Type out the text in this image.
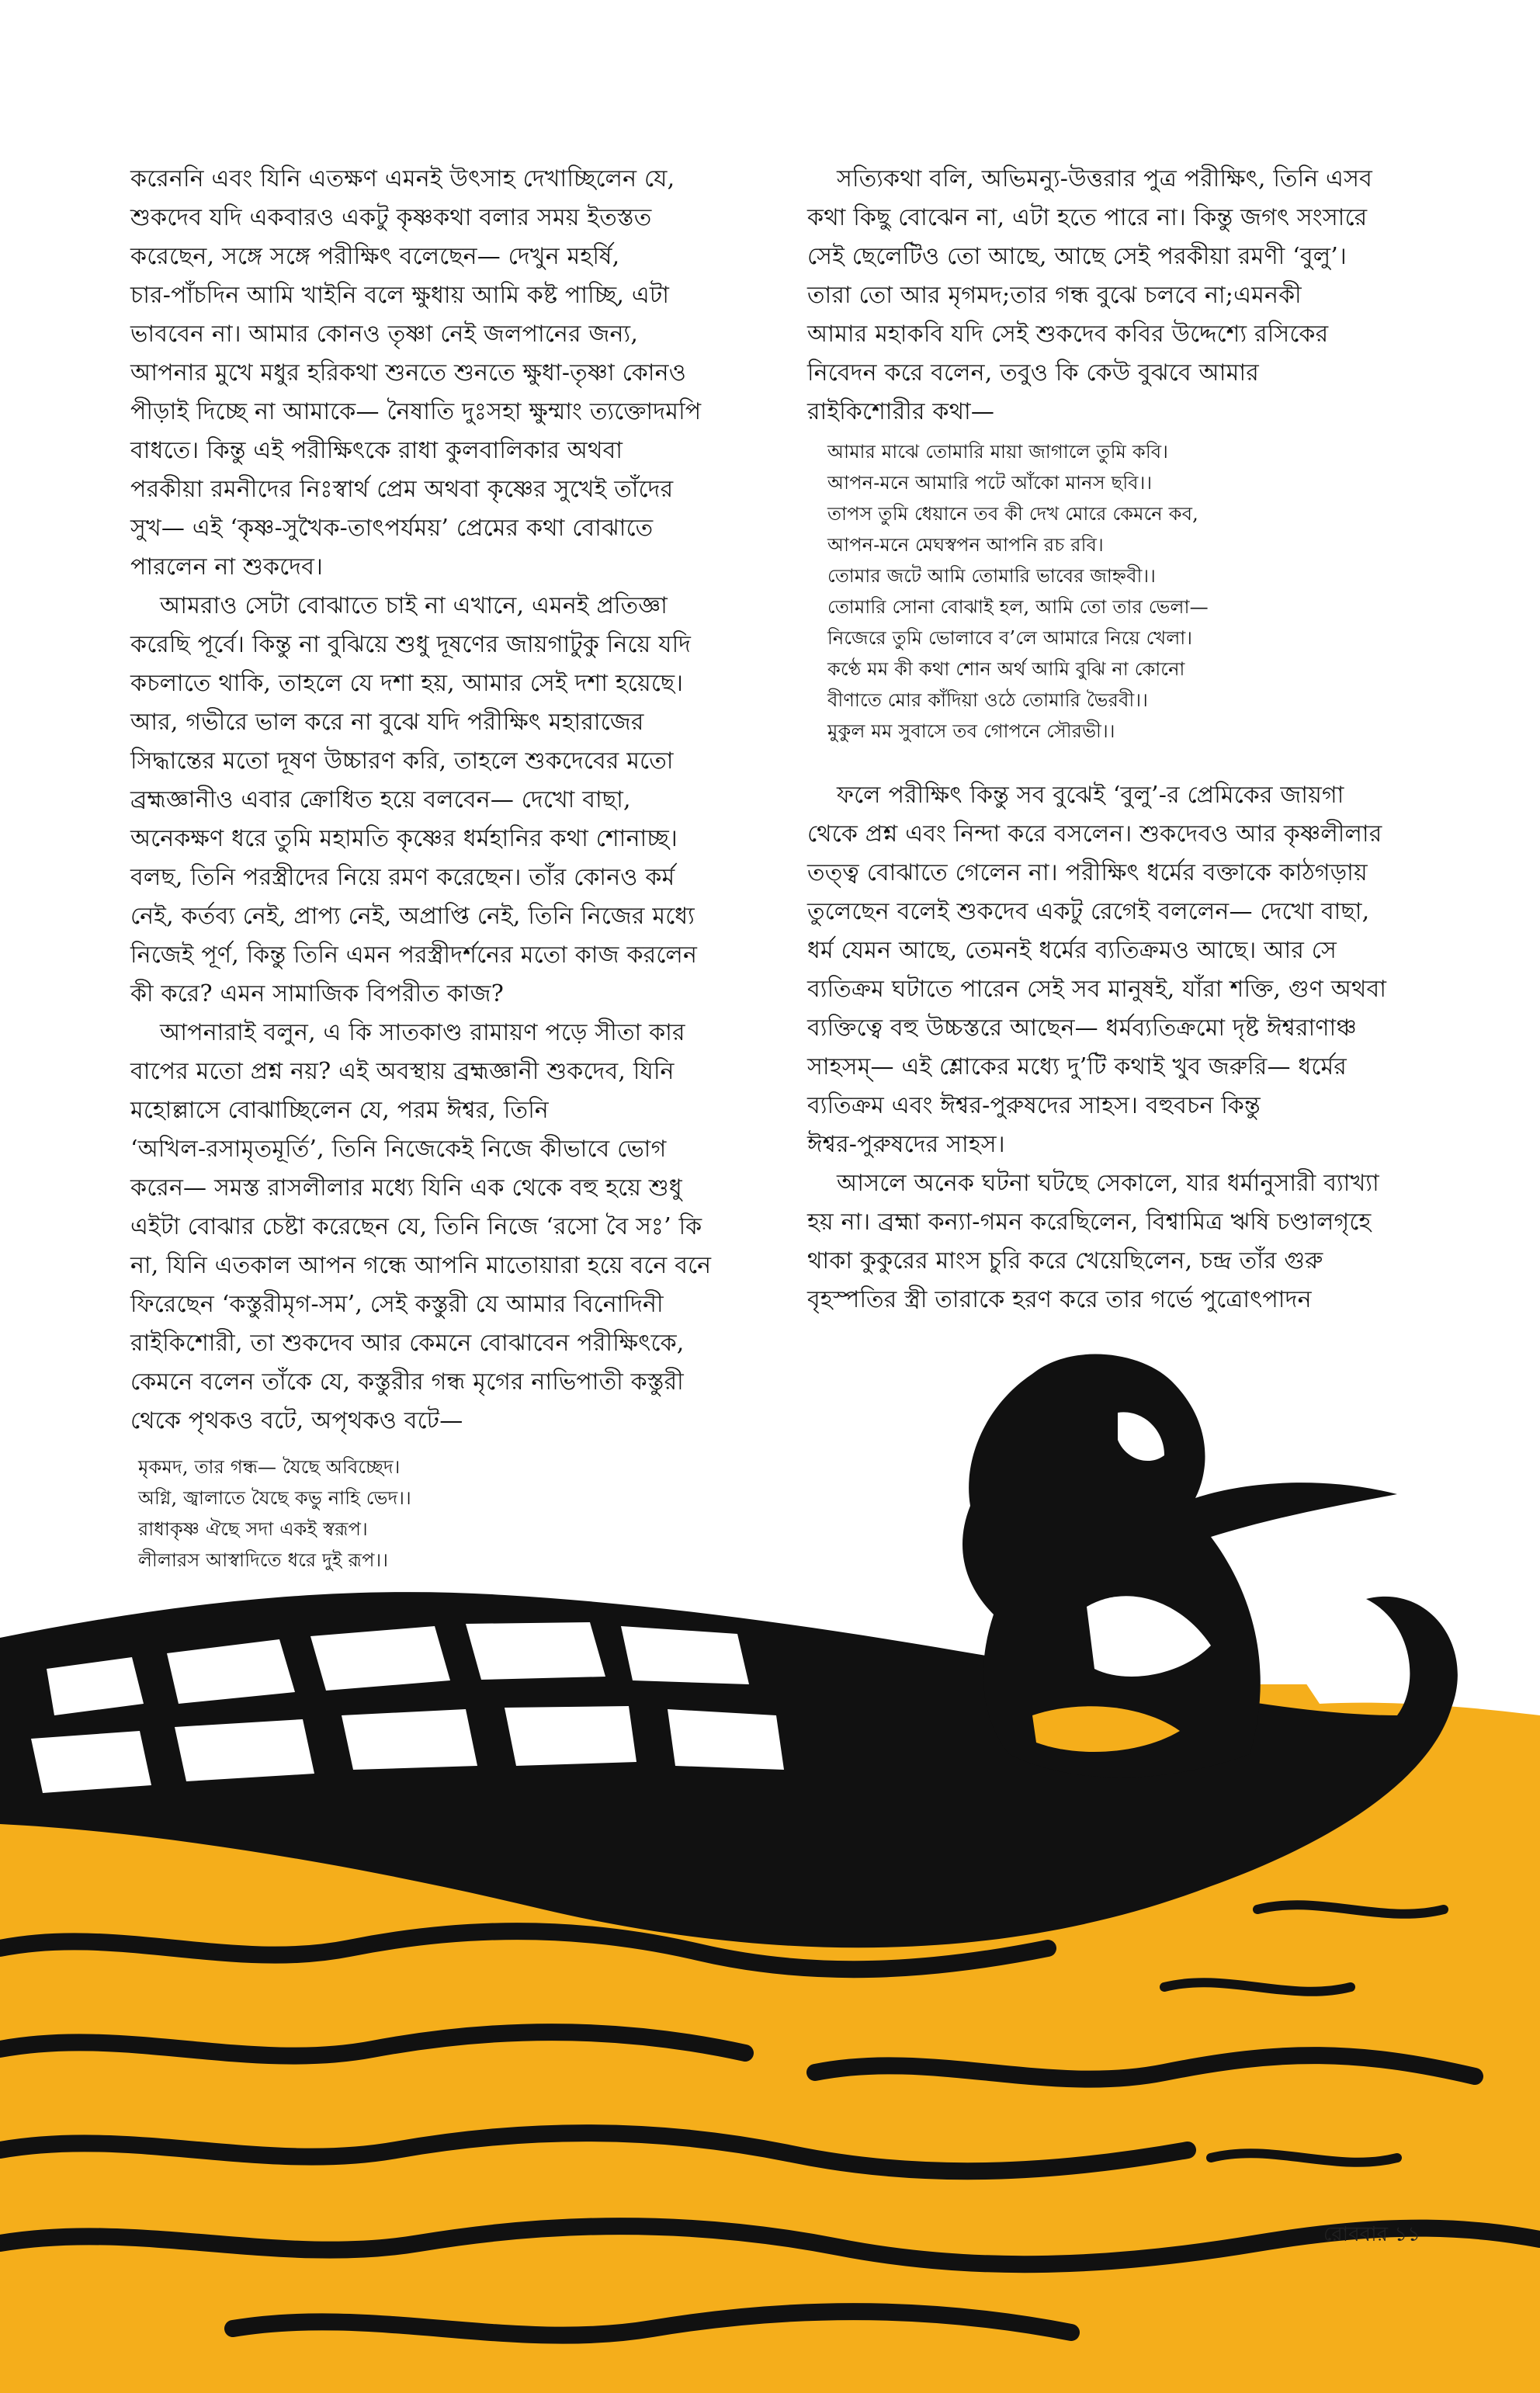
করেননি এবং যিনি এতক্ষণ এমনই উৎসাহ দেখাচ্ছিলেন যে,
শুকদেব যদি একবারও একটু কৃষ্ণকথা বলার সময় ইতস্তত
করেছেন, সঙ্গে সঙ্গে পরীক্ষিৎ বলেছেন— দেখুন মহর্ষি,
চার-পাঁচদিন আমি খাইনি বলে ক্ষুধায় আমি কষ্ট পাচ্ছি, এটা
ভাববেন না। আমার কোনও তৃষ্ণা নেই জলপানের জন্য,
আপনার মুখে মধুর হরিকথা শুনতে শুনতে ক্ষুধা-তৃষ্ণা কোনও
পীড়াই দিচ্ছে না আমাকে— নৈষাতি দুঃসহা ক্ষুম্মাং ত্যক্তোদমপি
বাধতে। কিন্তু এই পরীক্ষিৎকে রাধা কুলবালিকার অথবা
পরকীয়া রমনীদের নিঃস্বার্থ প্রেম অথবা কৃষ্ণের সুখেই তাঁদের
সুখ— এই ‘কৃষ্ণ-সুখৈক-তাৎপর্যময়’ প্রেমের কথা বোঝাতে
পারলেন না শুকদেব।
আমরাও সেটা বোঝাতে চাই না এখানে, এমনই প্রতিজ্ঞা
করেছি পূর্বে। কিন্তু না বুঝিয়ে শুধু দূষণের জায়গাটুকু নিয়ে যদি
কচলাতে থাকি, তাহলে যে দশা হয়, আমার সেই দশা হয়েছে।
আর, গভীরে ভাল করে না বুঝে যদি পরীক্ষিৎ মহারাজের
সিদ্ধান্তের মতো দূষণ উচ্চারণ করি, তাহলে শুকদেবের মতো
ব্রহ্মজ্ঞানীও এবার ক্রোধিত হয়ে বলবেন— দেখো বাছা,
অনেকক্ষণ ধরে তুমি মহামতি কৃষ্ণের ধর্মহানির কথা শোনাচ্ছ।
বলছ, তিনি পরস্ত্রীদের নিয়ে রমণ করেছেন। তাঁর কোনও কর্ম
নেই, কর্তব্য নেই, প্রাপ্য নেই, অপ্রাপ্তি নেই, তিনি নিজের মধ্যে
নিজেই পূর্ণ, কিন্তু তিনি এমন পরস্ত্রীদর্শনের মতো কাজ করলেন
কী করে? এমন সামাজিক বিপরীত কাজ?
আপনারাই বলুন, এ কি সাতকাণ্ড রামায়ণ পড়ে সীতা কার
বাপের মতো প্রশ্ন নয়? এই অবস্থায় ব্রহ্মজ্ঞানী শুকদেব, যিনি
মহোল্লাসে বোঝাচ্ছিলেন যে, পরম ঈশ্বর, তিনি
‘অখিল-রসামৃতমূর্তি’, তিনি নিজেকেই নিজে কীভাবে ভোগ
করেন— সমস্ত রাসলীলার মধ্যে যিনি এক থেকে বহু হয়ে শুধু
এইটা বোঝার চেষ্টা করেছেন যে, তিনি নিজে ‘রসো বৈ সঃ’ কি
না, যিনি এতকাল আপন গন্ধে আপনি মাতোয়ারা হয়ে বনে বনে
ফিরেছেন ‘কস্তুরীমৃগ-সম’, সেই কস্তুরী যে আমার বিনোদিনী
রাইকিশোরী, তা শুকদেব আর কেমনে বোঝাবেন পরীক্ষিৎকে,
কেমনে বলেন তাঁকে যে, কস্তুরীর গন্ধ মৃগের নাভিপাতী কস্তুরী
থেকে পৃথকও বটে, অপৃথকও বটে—
মৃকমদ, তার গন্ধ— যৈছে অবিচ্ছেদ।
অগ্নি, জ্বালাতে যৈছে কভু নাহি ভেদ।।
রাধাকৃষ্ণ ঐছে সদা একই স্বরূপ।
লীলারস আস্বাদিতে ধরে দুই রূপ।।
সত্যিকথা বলি, অভিমন্যু-উত্তরার পুত্র পরীক্ষিৎ, তিনি এসব
কথা কিছু বোঝেন না, এটা হতে পারে না। কিন্তু জগৎ সংসারে
সেই ছেলেটিও তো আছে, আছে সেই পরকীয়া রমণী ‘বুলু’।
তারা তো আর মৃগমদ;তার গন্ধ বুঝে চলবে না;এমনকী
আমার মহাকবি যদি সেই শুকদেব কবির উদ্দেশ্যে রসিকের
নিবেদন করে বলেন, তবুও কি কেউ বুঝবে আমার
রাইকিশোরীর কথা—
আমার মাঝে তোমারি মায়া জাগালে তুমি কবি।
আপন-মনে আমারি পটে আঁকো মানস ছবি।।
তাপস তুমি ধেয়ানে তব কী দেখ মোরে কেমনে কব,
আপন-মনে মেঘস্বপন আপনি রচ রবি।
তোমার জটে আমি তোমারি ভাবের জাহ্নবী।।
তোমারি সোনা বোঝাই হল, আমি তো তার ভেলা—
নিজেরে তুমি ভোলাবে ব’লে আমারে নিয়ে খেলা।
কণ্ঠে মম কী কথা শোন অর্থ আমি বুঝি না কোনো
বীণাতে মোর কাঁদিয়া ওঠে তোমারি ভৈরবী।।
মুকুল মম সুবাসে তব গোপনে সৌরভী।।
ফলে পরীক্ষিৎ কিন্তু সব বুঝেই ‘বুলু’-র প্রেমিকের জায়গা
থেকে প্রশ্ন এবং নিন্দা করে বসলেন। শুকদেবও আর কৃষ্ণলীলার
তত্ত্ব বোঝাতে গেলেন না। পরীক্ষিৎ ধর্মের বক্তাকে কাঠগড়ায়
তুলেছেন বলেই শুকদেব একটু রেগেই বললেন— দেখো বাছা,
ধর্ম যেমন আছে, তেমনই ধর্মের ব্যতিক্রমও আছে। আর সে
ব্যতিক্রম ঘটাতে পারেন সেই সব মানুষই, যাঁরা শক্তি, গুণ অথবা
ব্যক্তিত্বে বহু উচ্চস্তরে আছেন— ধর্মব্যতিক্রমো দৃষ্ট ঈশ্বরাণাঞ্চ
সাহসম্— এই শ্লোকের মধ্যে দু’টি কথাই খুব জরুরি— ধর্মের
ব্যতিক্রম এবং ঈশ্বর-পুরুষদের সাহস। বহুবচন কিন্তু
ঈশ্বর-পুরুষদের সাহস।
আসলে অনেক ঘটনা ঘটছে সেকালে, যার ধর্মানুসারী ব্যাখ্যা
হয় না। ব্রহ্মা কন্যা-গমন করেছিলেন, বিশ্বামিত্র ঋষি চণ্ডালগৃহে
থাকা কুকুরের মাংস চুরি করে খেয়েছিলেন, চন্দ্র তাঁর গুরু
বৃহস্পতির স্ত্রী তারাকে হরণ করে তার গর্ভে পুত্রোৎপাদন
রোববার ১১
